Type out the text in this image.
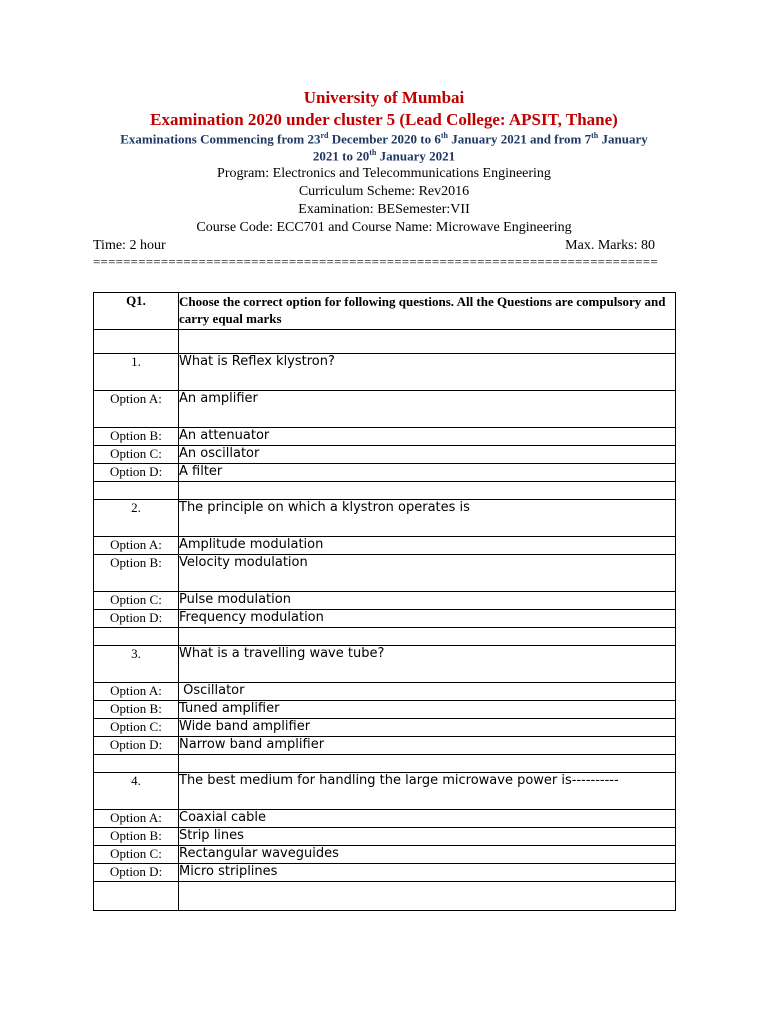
University of Mumbai
Examination 2020 under cluster 5 (Lead College: APSIT, Thane)
Examinations Commencing from 23rd December 2020 to 6th January 2021 and from 7th January
2021 to 20th January 2021
Program: Electronics and Telecommunications Engineering
Curriculum Scheme: Rev2016
Examination: BESemester:VII
Course Code: ECC701 and Course Name: Microwave Engineering
Time: 2 hour	Max. Marks: 80
===========================================================================
Q1.	Choose the correct option for following questions. All the Questions are compulsory and carry equal marks

1.	What is Reflex klystron?
Option A:	An amplifier
Option B:	An attenuator
Option C:	An oscillator
Option D:	A filter

2.	The principle on which a klystron operates is
Option A:	Amplitude modulation
Option B:	Velocity modulation
Option C:	Pulse modulation
Option D:	Frequency modulation

3.	What is a travelling wave tube?
Option A:	Oscillator
Option B:	Tuned amplifier
Option C:	Wide band amplifier
Option D:	Narrow band amplifier

4.	The best medium for handling the large microwave power is----------
Option A:	Coaxial cable
Option B:	Strip lines
Option C:	Rectangular waveguides
Option D:	Micro striplines
